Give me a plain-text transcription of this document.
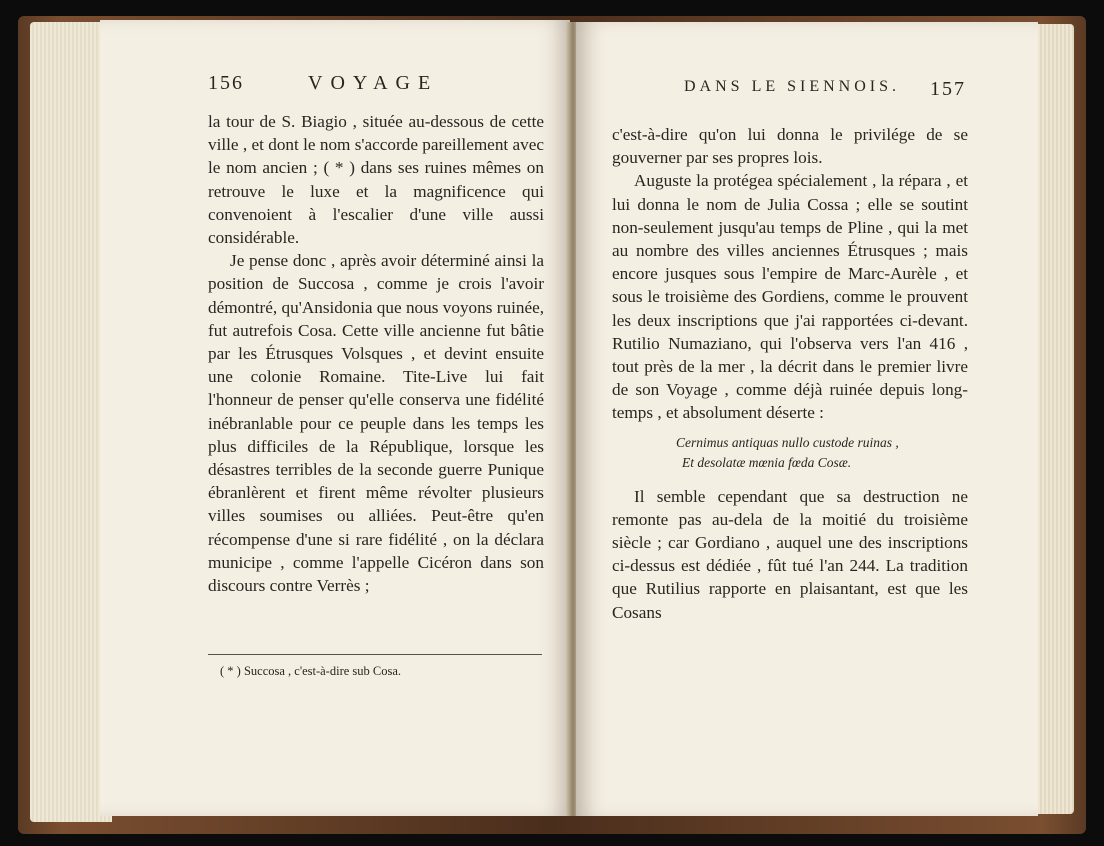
156	VOYAGE

la tour de S. Biagio , située au-dessous de cette ville , et dont le nom s'accorde pareillement avec le nom ancien ; ( * ) dans ses ruines mêmes on retrouve le luxe et la magnificence qui convenoient à l'escalier d'une ville aussi considérable.

Je pense donc , après avoir déterminé ainsi la position de Succosa , comme je crois l'avoir démontré, qu'Ansidonia que nous voyons ruinée, fut autrefois Cosa. Cette ville ancienne fut bâtie par les Étrusques Volsques , et devint ensuite une colonie Romaine. Tite-Live lui fait l'honneur de penser qu'elle conserva une fidélité inébranlable pour ce peuple dans les temps les plus difficiles de la République, lorsque les désastres terribles de la seconde guerre Punique ébranlèrent et firent même révolter plusieurs villes soumises ou alliées. Peut-être qu'en récompense d'une si rare fidélité , on la déclara municipe , comme l'appelle Cicéron dans son discours contre Verrès ;

( * ) Succosa , c'est-à-dire sub Cosa.
DANS LE SIENNOIS. 157

c'est-à-dire qu'on lui donna le privilége de se gouverner par ses propres lois.

Auguste la protégea spécialement , la répara , et lui donna le nom de Julia Cossa ; elle se soutint non-seulement jusqu'au temps de Pline , qui la met au nombre des villes anciennes Étrusques ; mais encore jusques sous l'empire de Marc-Aurèle , et sous le troisième des Gordiens, comme le prouvent les deux inscriptions que j'ai rapportées ci-devant. Rutilio Numaziano, qui l'observa vers l'an 416 , tout près de la mer , la décrit dans le premier livre de son Voyage , comme déjà ruinée depuis long-temps , et absolument déserte :

Cernimus antiquas nullo custode ruinas ,
Et desolatæ mœnia fœda Cosæ.

Il semble cependant que sa destruction ne remonte pas au-dela de la moitié du troisième siècle ; car Gordiano , auquel une des inscriptions ci-dessus est dédiée , fût tué l'an 244. La tradition que Rutilius rapporte en plaisantant, est que les Cosans
